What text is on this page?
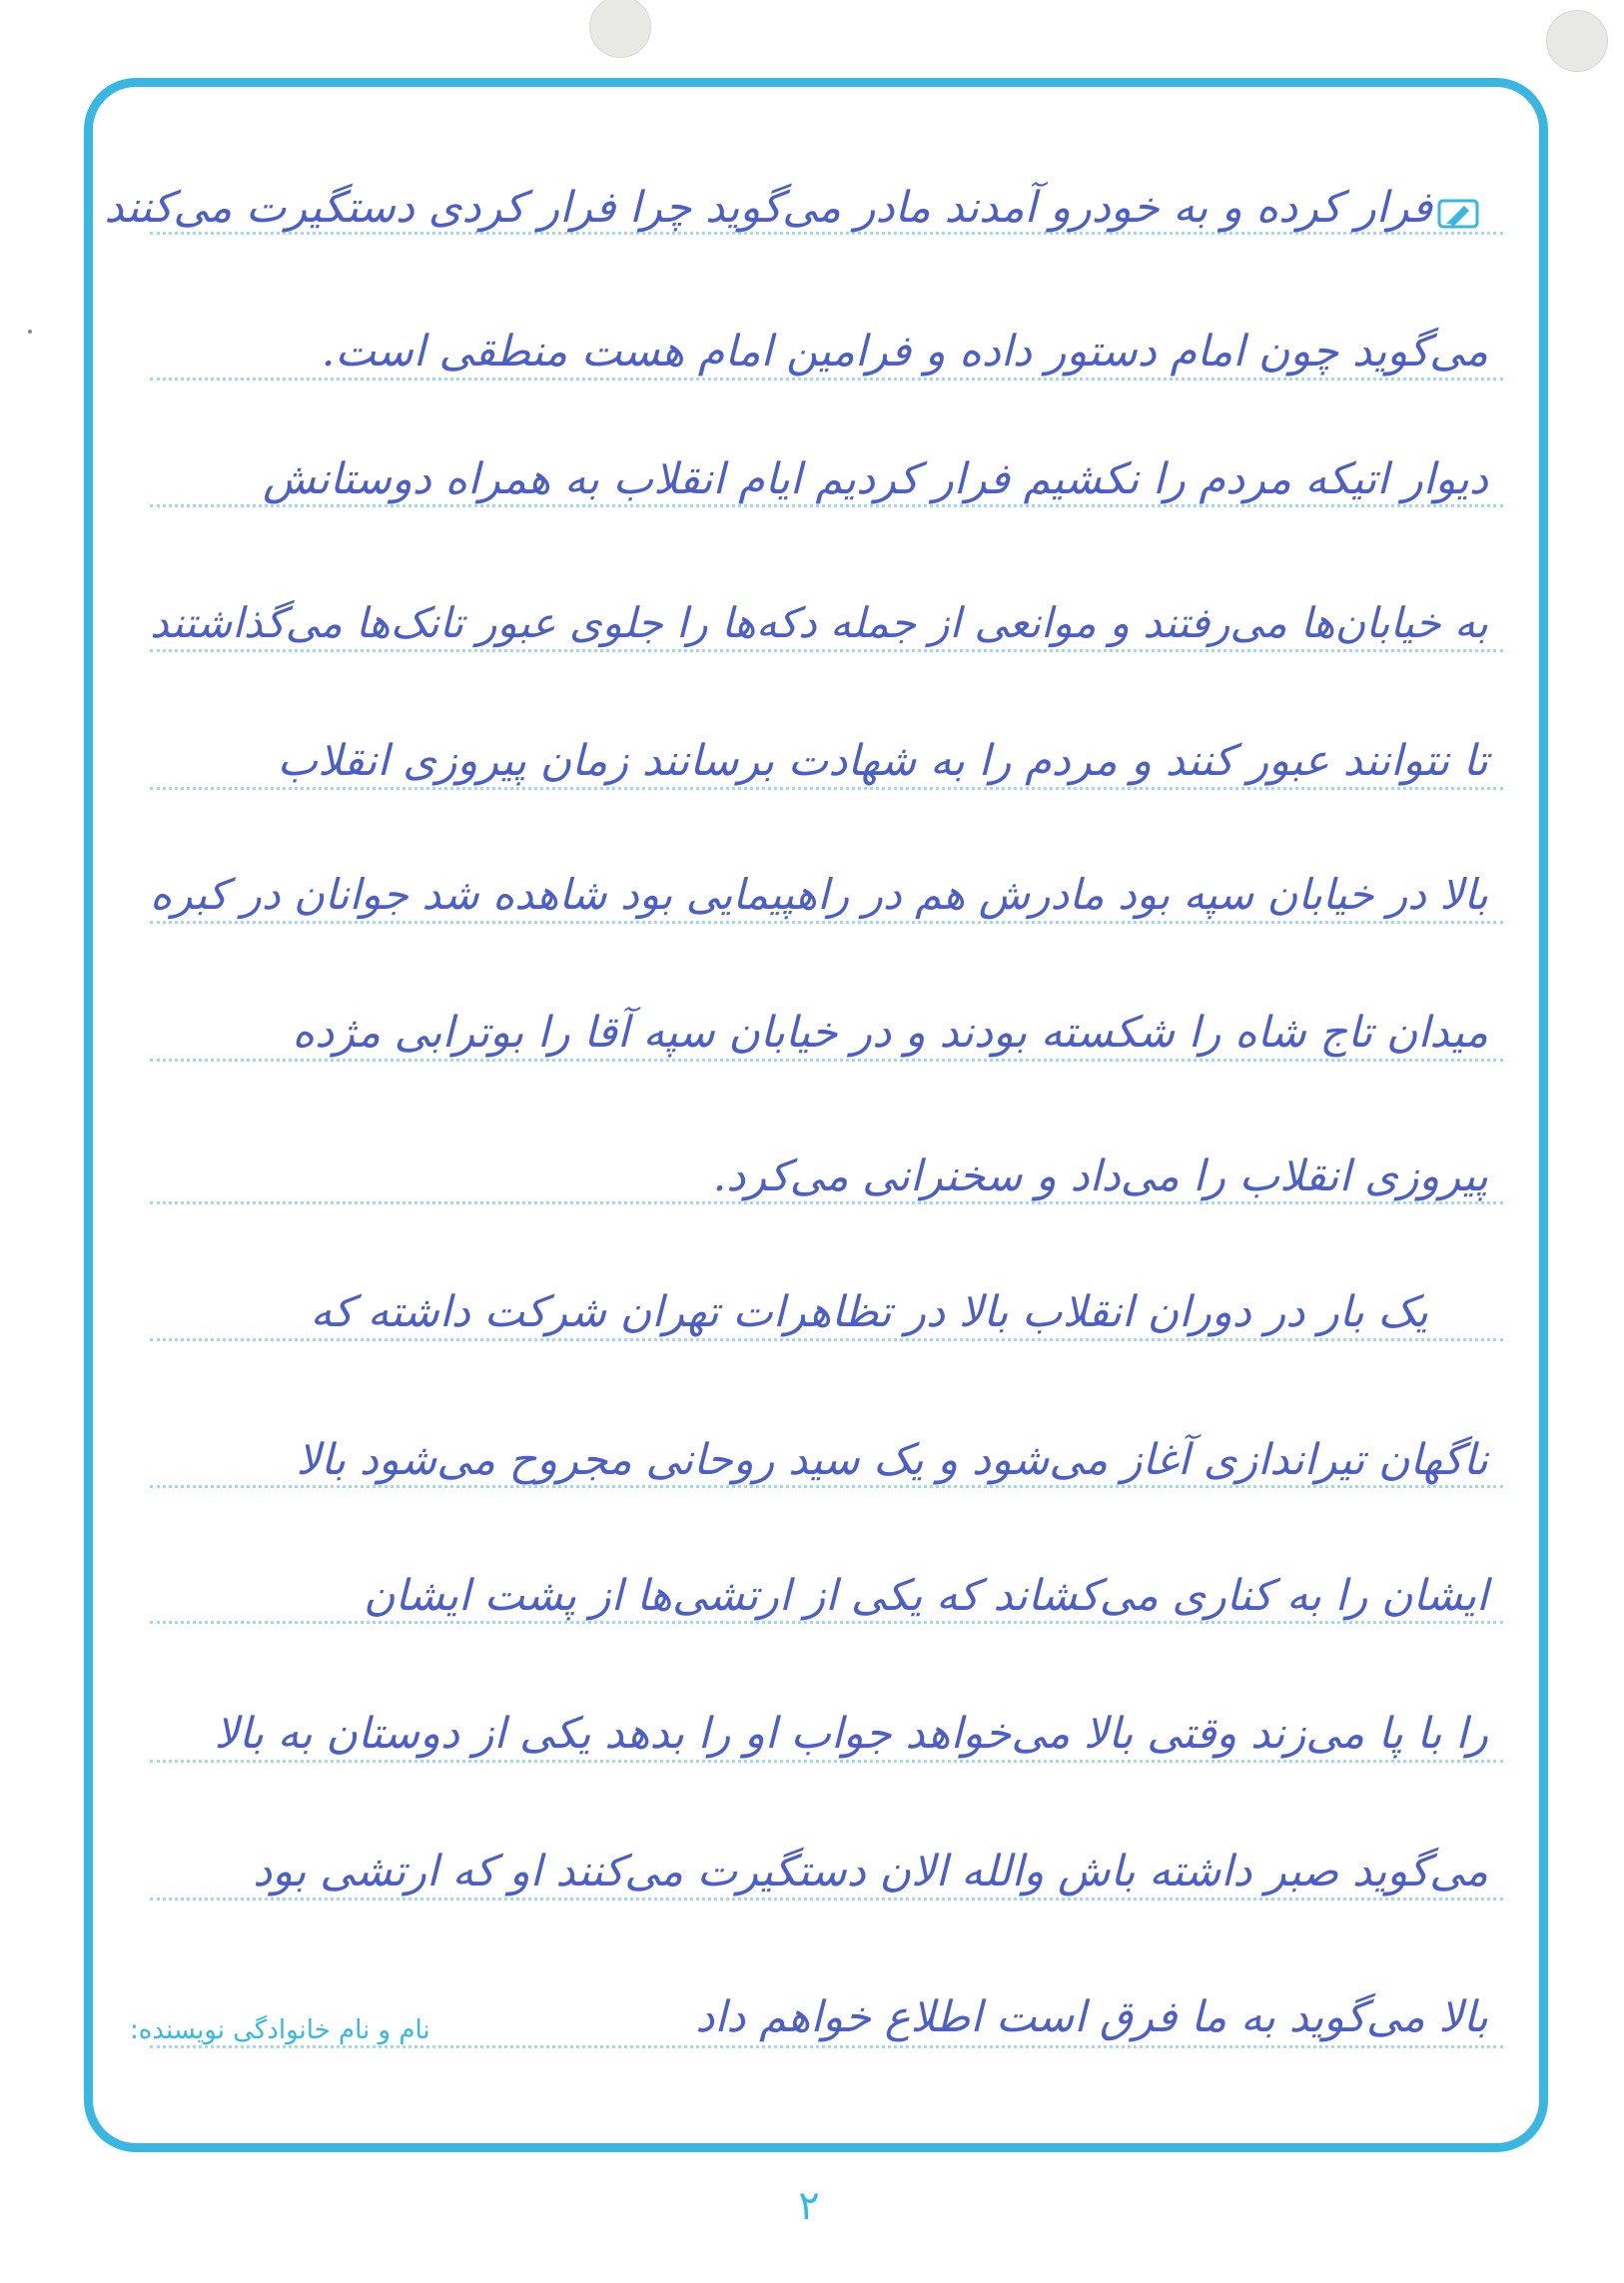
فرار کرده و به خودرو آمدند مادر می‌گوید چرا فرار کردی دستگیرت می‌کنند
می‌گوید چون امام دستور داده و فرامین امام هست منطقی است.
دیوار اتیکه مردم را نکشیم فرار کردیم ایام انقلاب به همراه دوستانش
به خیابان‌ها می‌رفتند و موانعی از جمله دکه‌ها را جلوی عبور تانک‌ها می‌گذاشتند
تا نتوانند عبور کنند و مردم را به شهادت برسانند زمان پیروزی انقلاب
بالا در خیابان سپه بود مادرش هم در راهپیمایی بود شاهده شد جوانان در کبره
میدان تاج شاه را شکسته بودند و در خیابان سپه آقا را بوترابی مژده
پیروزی انقلاب را می‌داد و سخنرانی می‌کرد.
یک بار در دوران انقلاب بالا در تظاهرات تهران شرکت داشته که
ناگهان تیراندازی آغاز می‌شود و یک سید روحانی مجروح می‌شود بالا
ایشان را به کناری می‌کشاند که یکی از ارتشی‌ها از پشت ایشان
را با پا می‌زند وقتی بالا می‌خواهد جواب او را بدهد یکی از دوستان به بالا
می‌گوید صبر داشته باش والله الان دستگیرت می‌کنند او که ارتشی بود
بالا می‌گوید به ما فرق است اطلاع خواهم داد
نام و نام خانوادگی نویسنده:
۲
